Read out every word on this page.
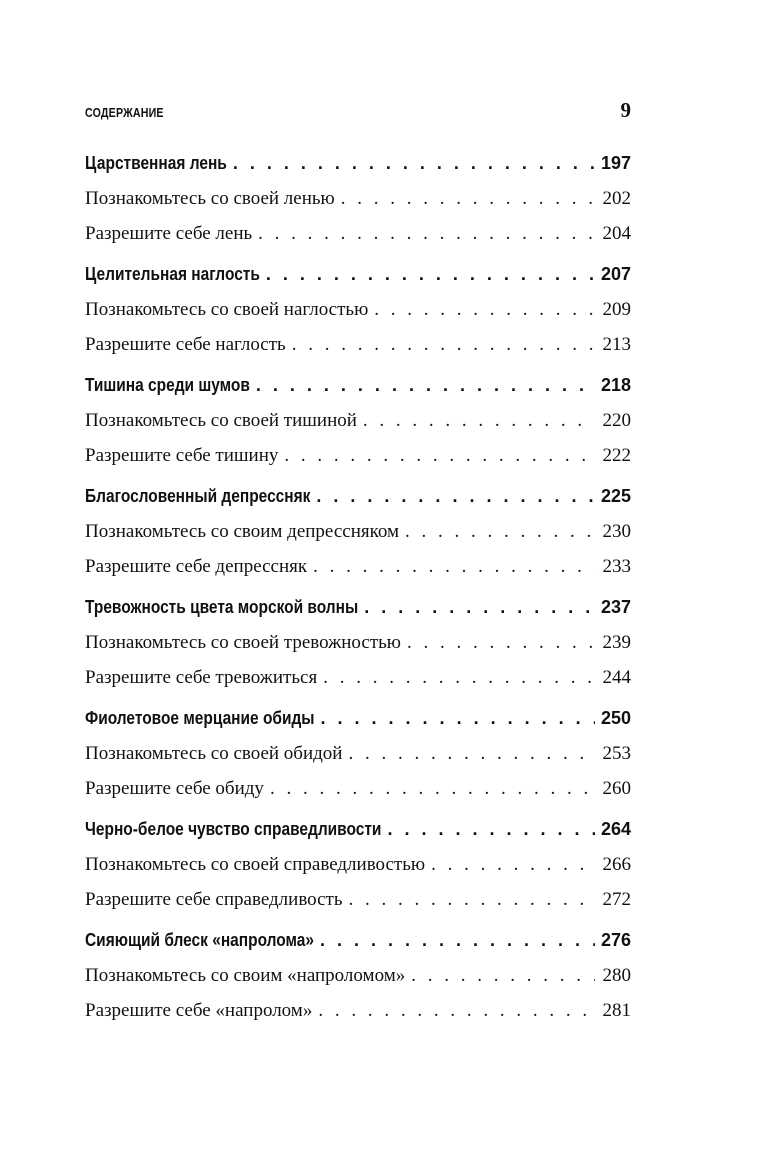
СОДЕРЖАНИЕ	9
Царственная лень . . .	197
Познакомьтесь со своей ленью . . .	202
Разрешите себе лень . . .	204
Целительная наглость . . .	207
Познакомьтесь со своей наглостью . . .	209
Разрешите себе наглость . . .	213
Тишина среди шумов . . .	218
Познакомьтесь со своей тишиной . . .	220
Разрешите себе тишину . . .	222
Благословенный депрессняк . . .	225
Познакомьтесь со своим депрессняком . . .	230
Разрешите себе депрессняк . . .	233
Тревожность цвета морской волны . . .	237
Познакомьтесь со своей тревожностью . . .	239
Разрешите себе тревожиться . . .	244
Фиолетовое мерцание обиды . . .	250
Познакомьтесь со своей обидой . . .	253
Разрешите себе обиду . . .	260
Черно-белое чувство справедливости . . .	264
Познакомьтесь со своей справедливостью . . .	266
Разрешите себе справедливость . . .	272
Сияющий блеск «напролома» . . .	276
Познакомьтесь со своим «напроломом» . . .	280
Разрешите себе «напролом» . . .	281
